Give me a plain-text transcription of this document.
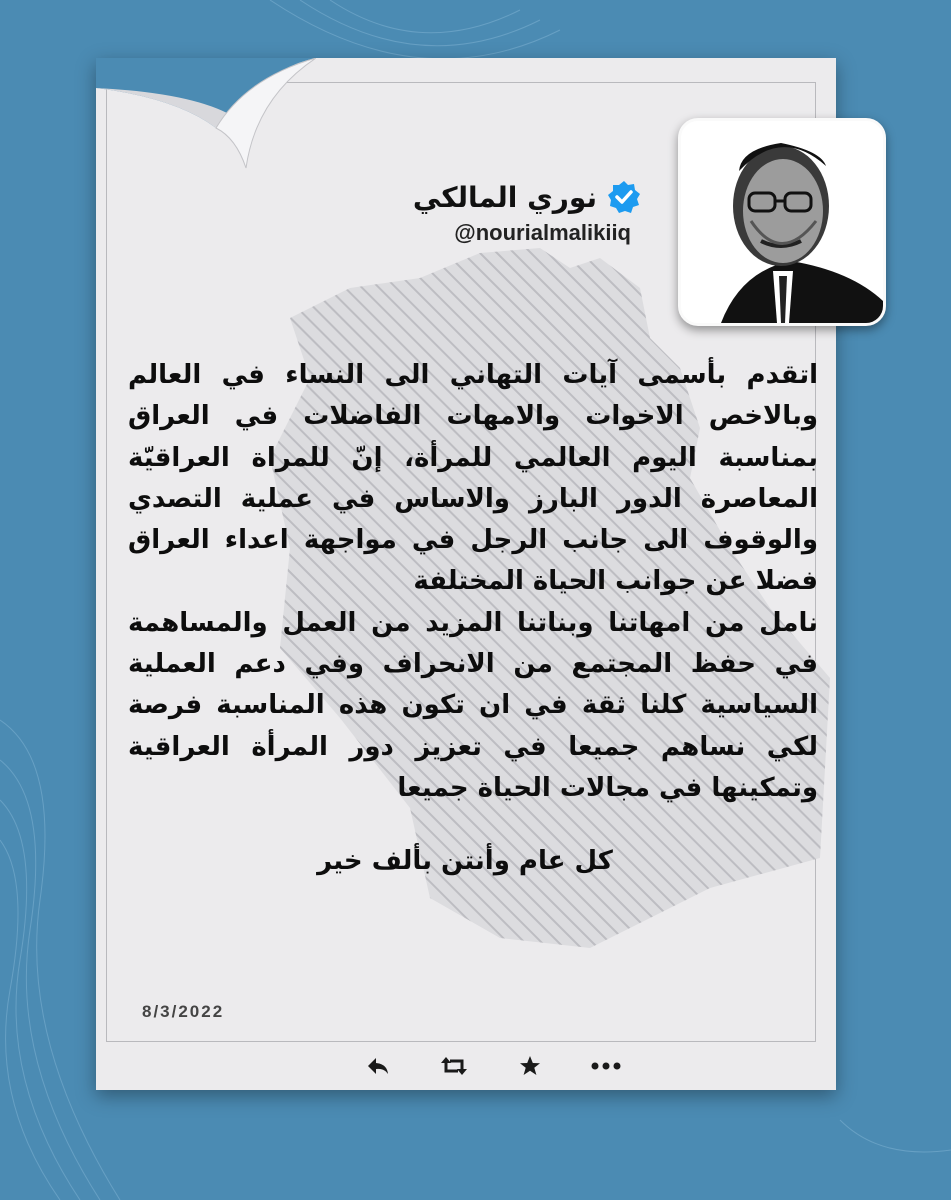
نوري المالكي
@nourialmalikiiq

اتقدم بأسمى آيات التهاني الى النساء في العالم وبالاخص الاخوات والامهات الفاضلات في العراق بمناسبة اليوم العالمي للمرأة، إنّ للمراة العراقيّة المعاصرة الدور البارز والاساس في عملية التصدي والوقوف الى جانب الرجل في مواجهة اعداء العراق فضلا عن جوانب الحياة المختلفة

نامل من امهاتنا وبناتنا المزيد من العمل والمساهمة في حفظ المجتمع من الانحراف وفي دعم العملية السياسية كلنا ثقة في ان تكون هذه المناسبة فرصة لكي نساهم جميعا في تعزيز دور المرأة العراقية وتمكينها في مجالات الحياة جميعا

كل عام وأنتن بألف خير
8/3/2022
